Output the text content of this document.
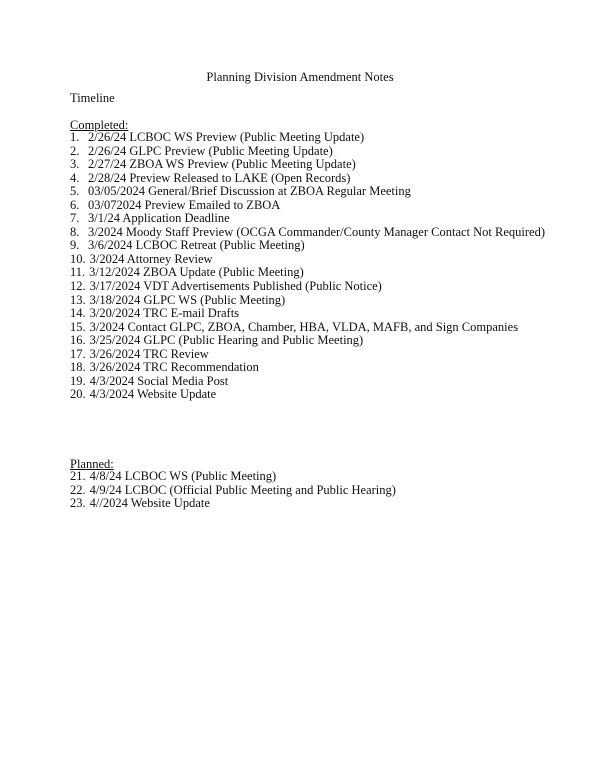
Planning Division Amendment Notes
Timeline
Completed:
1. 2/26/24 LCBOC WS Preview (Public Meeting Update)
2. 2/26/24 GLPC Preview (Public Meeting Update)
3. 2/27/24 ZBOA WS Preview (Public Meeting Update)
4. 2/28/24 Preview Released to LAKE (Open Records)
5. 03/05/2024 General/Brief Discussion at ZBOA Regular Meeting
6. 03/072024 Preview Emailed to ZBOA
7. 3/1/24 Application Deadline
8. 3/2024 Moody Staff Preview (OCGA Commander/County Manager Contact Not Required)
9. 3/6/2024 LCBOC Retreat (Public Meeting)
10. 3/2024 Attorney Review
11. 3/12/2024 ZBOA Update (Public Meeting)
12. 3/17/2024 VDT Advertisements Published (Public Notice)
13. 3/18/2024 GLPC WS (Public Meeting)
14. 3/20/2024 TRC E-mail Drafts
15. 3/2024 Contact GLPC, ZBOA, Chamber, HBA, VLDA, MAFB, and Sign Companies
16. 3/25/2024 GLPC (Public Hearing and Public Meeting)
17. 3/26/2024 TRC Review
18. 3/26/2024 TRC Recommendation
19. 4/3/2024 Social Media Post
20. 4/3/2024 Website Update
Planned:
21. 4/8/24 LCBOC WS (Public Meeting)
22. 4/9/24 LCBOC (Official Public Meeting and Public Hearing)
23. 4//2024 Website Update
